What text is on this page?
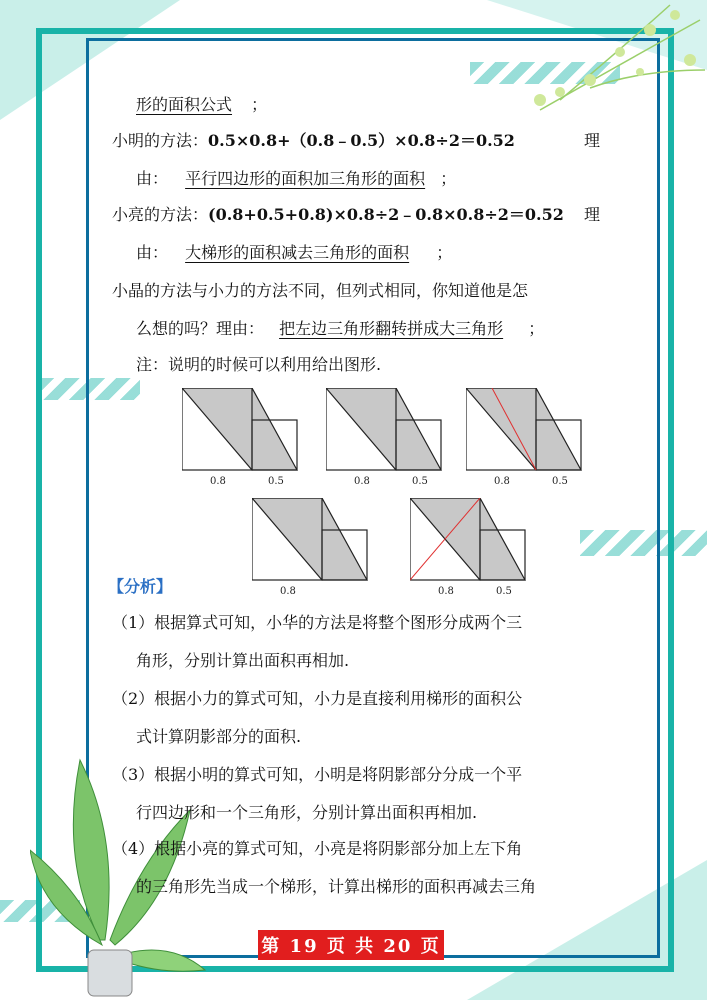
形的面积公式 ；
小明的方法：0.5×0.8+（0.8﹣0.5）×0.8÷2＝0.52	理
由： 平行四边形的面积加三角形的面积 ；
小亮的方法：(0.8+0.5+0.8)×0.8÷2﹣0.8×0.8÷2＝0.52 理
由： 大梯形的面积减去三角形的面积 ；
小晶的方法与小力的方法不同，但列式相同，你知道他是怎
么想的吗？理由： 把左边三角形翻转拼成大三角形 ；
注：说明的时候可以利用给出图形.
0.8	0.5	0.8	0.5	0.8	0.5
0.8	0.8	0.5
【分析】
（1）根据算式可知，小华的方法是将整个图形分成两个三
角形，分别计算出面积再相加.
（2）根据小力的算式可知，小力是直接利用梯形的面积公
式计算阴影部分的面积.
（3）根据小明的算式可知，小明是将阴影部分分成一个平
行四边形和一个三角形，分别计算出面积再相加.
（4）根据小亮的算式可知，小亮是将阴影部分加上左下角
的三角形先当成一个梯形，计算出梯形的面积再减去三角
第 19 页 共 20 页
